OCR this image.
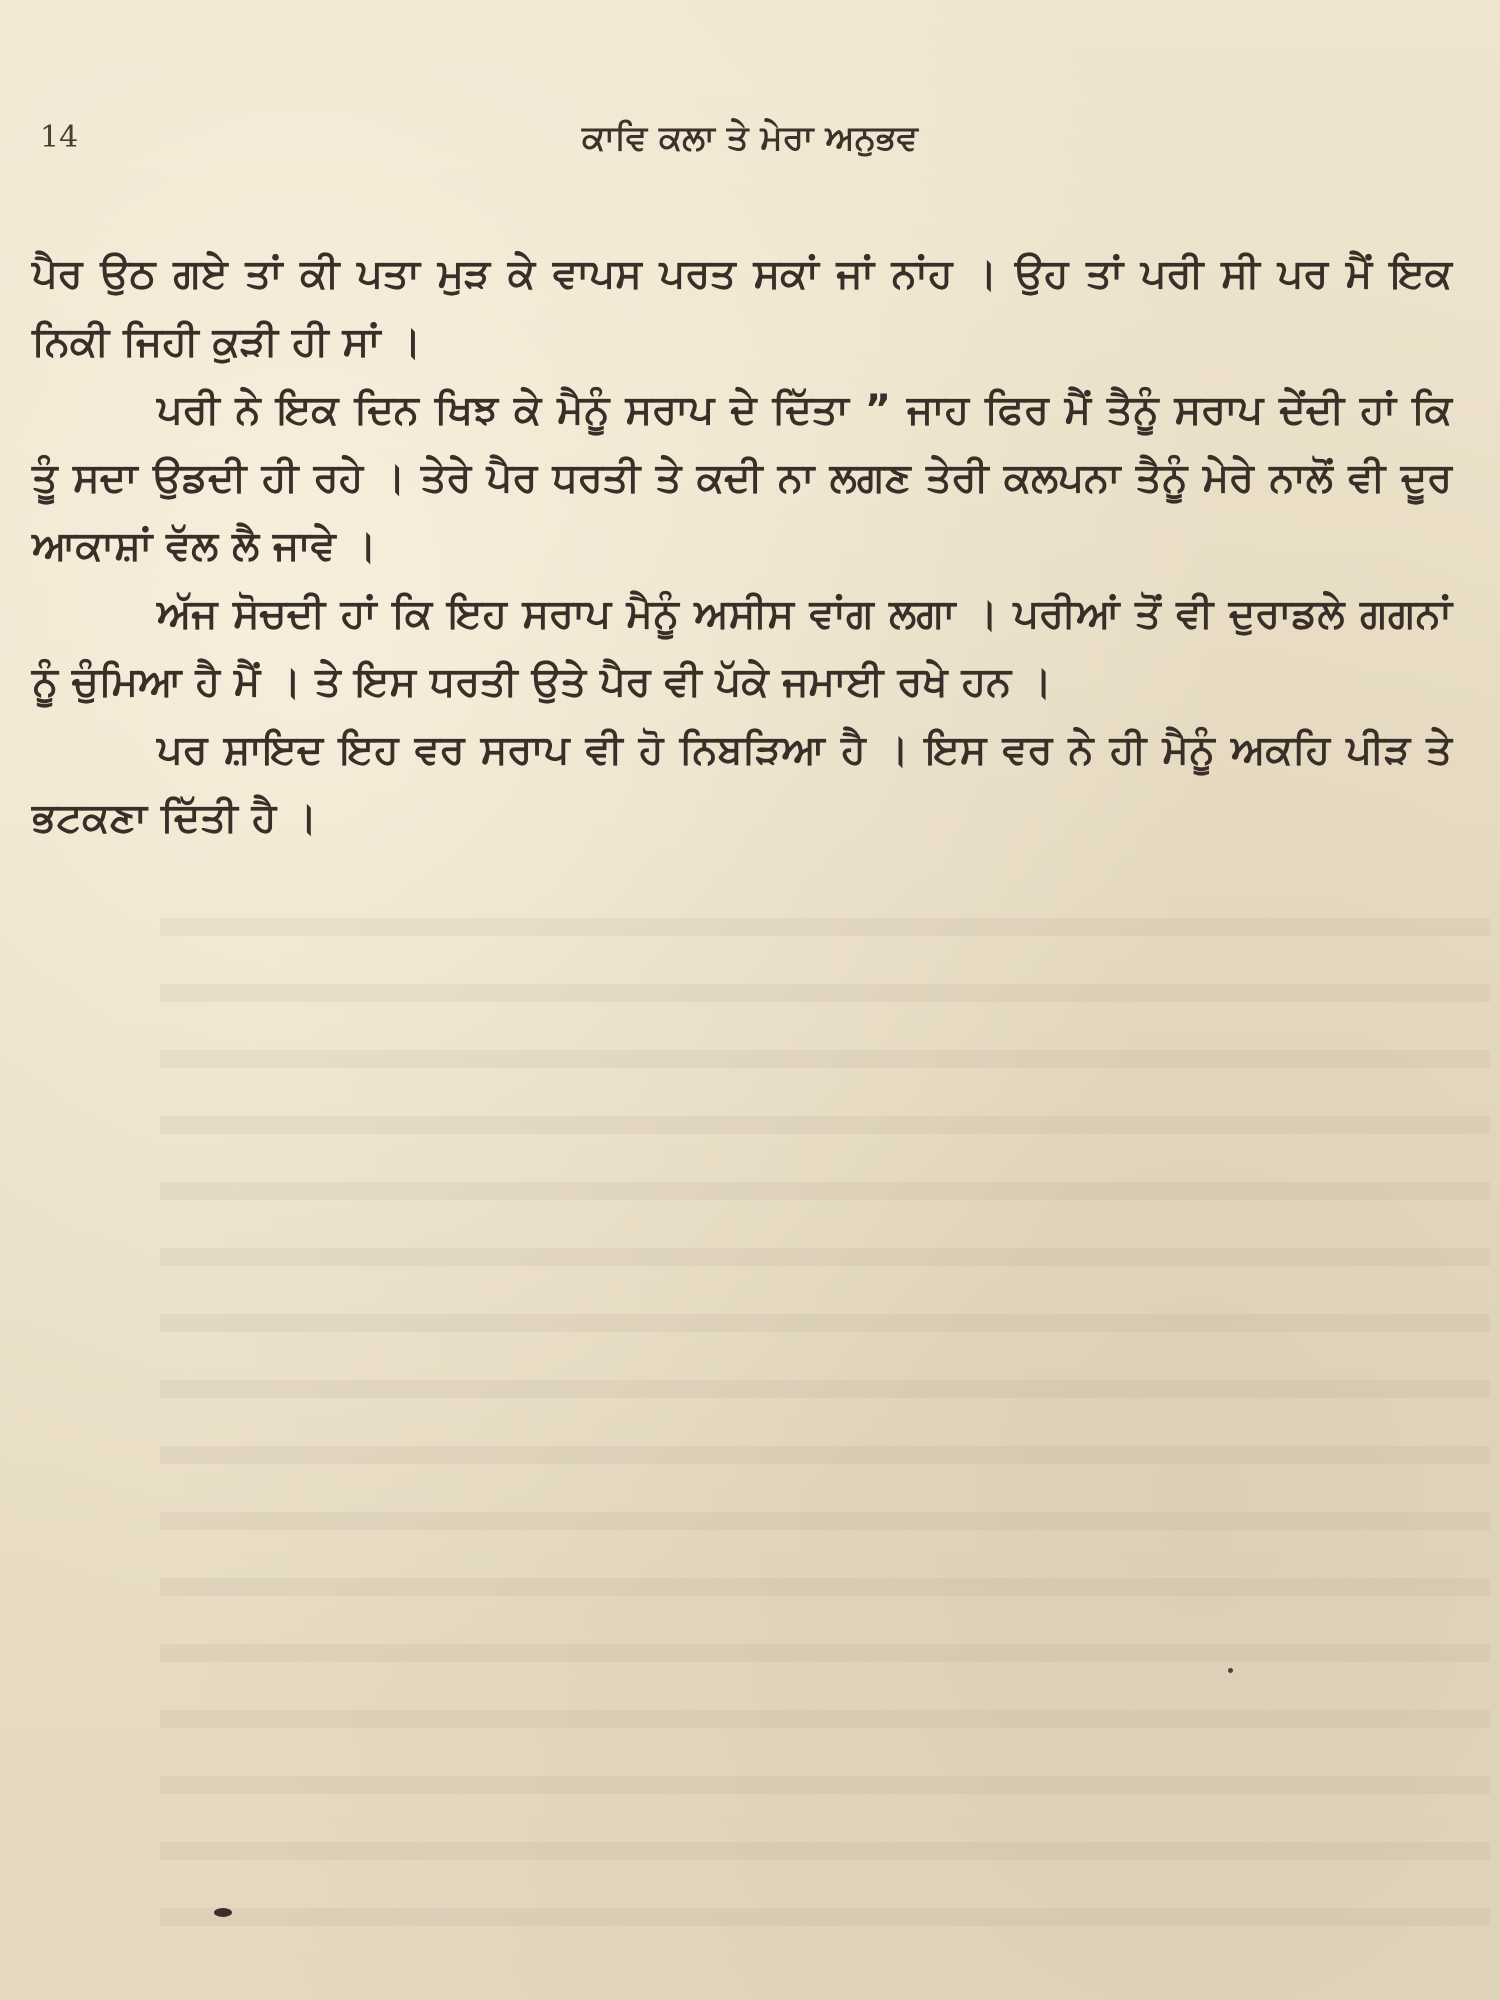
14	ਕਾਵਿ ਕਲਾ ਤੇ ਮੇਰਾ ਅਨੁਭਵ

ਪੈਰ ਉਠ ਗਏ ਤਾਂ ਕੀ ਪਤਾ ਮੁੜ ਕੇ ਵਾਪਸ ਪਰਤ ਸਕਾਂ ਜਾਂ ਨਾਂਹ । ਉਹ ਤਾਂ ਪਰੀ ਸੀ ਪਰ ਮੈਂ ਇਕ ਨਿਕੀ ਜਿਹੀ ਕੁੜੀ ਹੀ ਸਾਂ ।

ਪਰੀ ਨੇ ਇਕ ਦਿਨ ਖਿਝ ਕੇ ਮੈਨੂੰ ਸਰਾਪ ਦੇ ਦਿੱਤਾ ” ਜਾਹ ਫਿਰ ਮੈਂ ਤੈਨੂੰ ਸਰਾਪ ਦੇਂਦੀ ਹਾਂ ਕਿ ਤੂੰ ਸਦਾ ਉਡਦੀ ਹੀ ਰਹੇ । ਤੇਰੇ ਪੈਰ ਧਰਤੀ ਤੇ ਕਦੀ ਨਾ ਲਗਣ ਤੇਰੀ ਕਲਪਨਾ ਤੈਨੂੰ ਮੇਰੇ ਨਾਲੋਂ ਵੀ ਦੂਰ ਆਕਾਸ਼ਾਂ ਵੱਲ ਲੈ ਜਾਵੇ ।

ਅੱਜ ਸੋਚਦੀ ਹਾਂ ਕਿ ਇਹ ਸਰਾਪ ਮੈਨੂੰ ਅਸੀਸ ਵਾਂਗ ਲਗਾ । ਪਰੀਆਂ ਤੋਂ ਵੀ ਦੁਰਾਡਲੇ ਗਗਨਾਂ ਨੂੰ ਚੁੰਮਿਆ ਹੈ ਮੈਂ । ਤੇ ਇਸ ਧਰਤੀ ਉਤੇ ਪੈਰ ਵੀ ਪੱਕੇ ਜਮਾਈ ਰਖੇ ਹਨ ।

ਪਰ ਸ਼ਾਇਦ ਇਹ ਵਰ ਸਰਾਪ ਵੀ ਹੋ ਨਿਬੜਿਆ ਹੈ । ਇਸ ਵਰ ਨੇ ਹੀ ਮੈਨੂੰ ਅਕਹਿ ਪੀੜ ਤੇ ਭਟਕਣਾ ਦਿੱਤੀ ਹੈ ।
